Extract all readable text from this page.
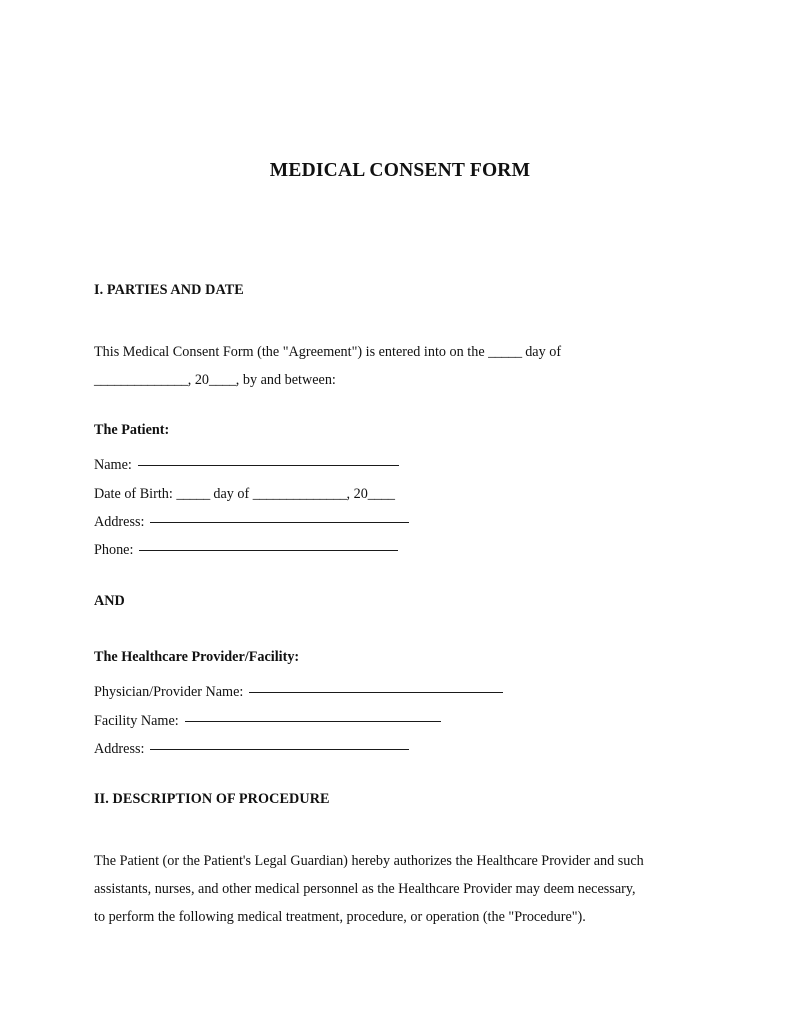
MEDICAL CONSENT FORM
I. PARTIES AND DATE
This Medical Consent Form (the "Agreement") is entered into on the _____ day of
______________, 20____, by and between:
The Patient:
Name:
Date of Birth: _____ day of ______________, 20____
Address:
Phone:
AND
The Healthcare Provider/Facility:
Physician/Provider Name:
Facility Name:
Address:
II. DESCRIPTION OF PROCEDURE
The Patient (or the Patient's Legal Guardian) hereby authorizes the Healthcare Provider and such
assistants, nurses, and other medical personnel as the Healthcare Provider may deem necessary,
to perform the following medical treatment, procedure, or operation (the "Procedure").
